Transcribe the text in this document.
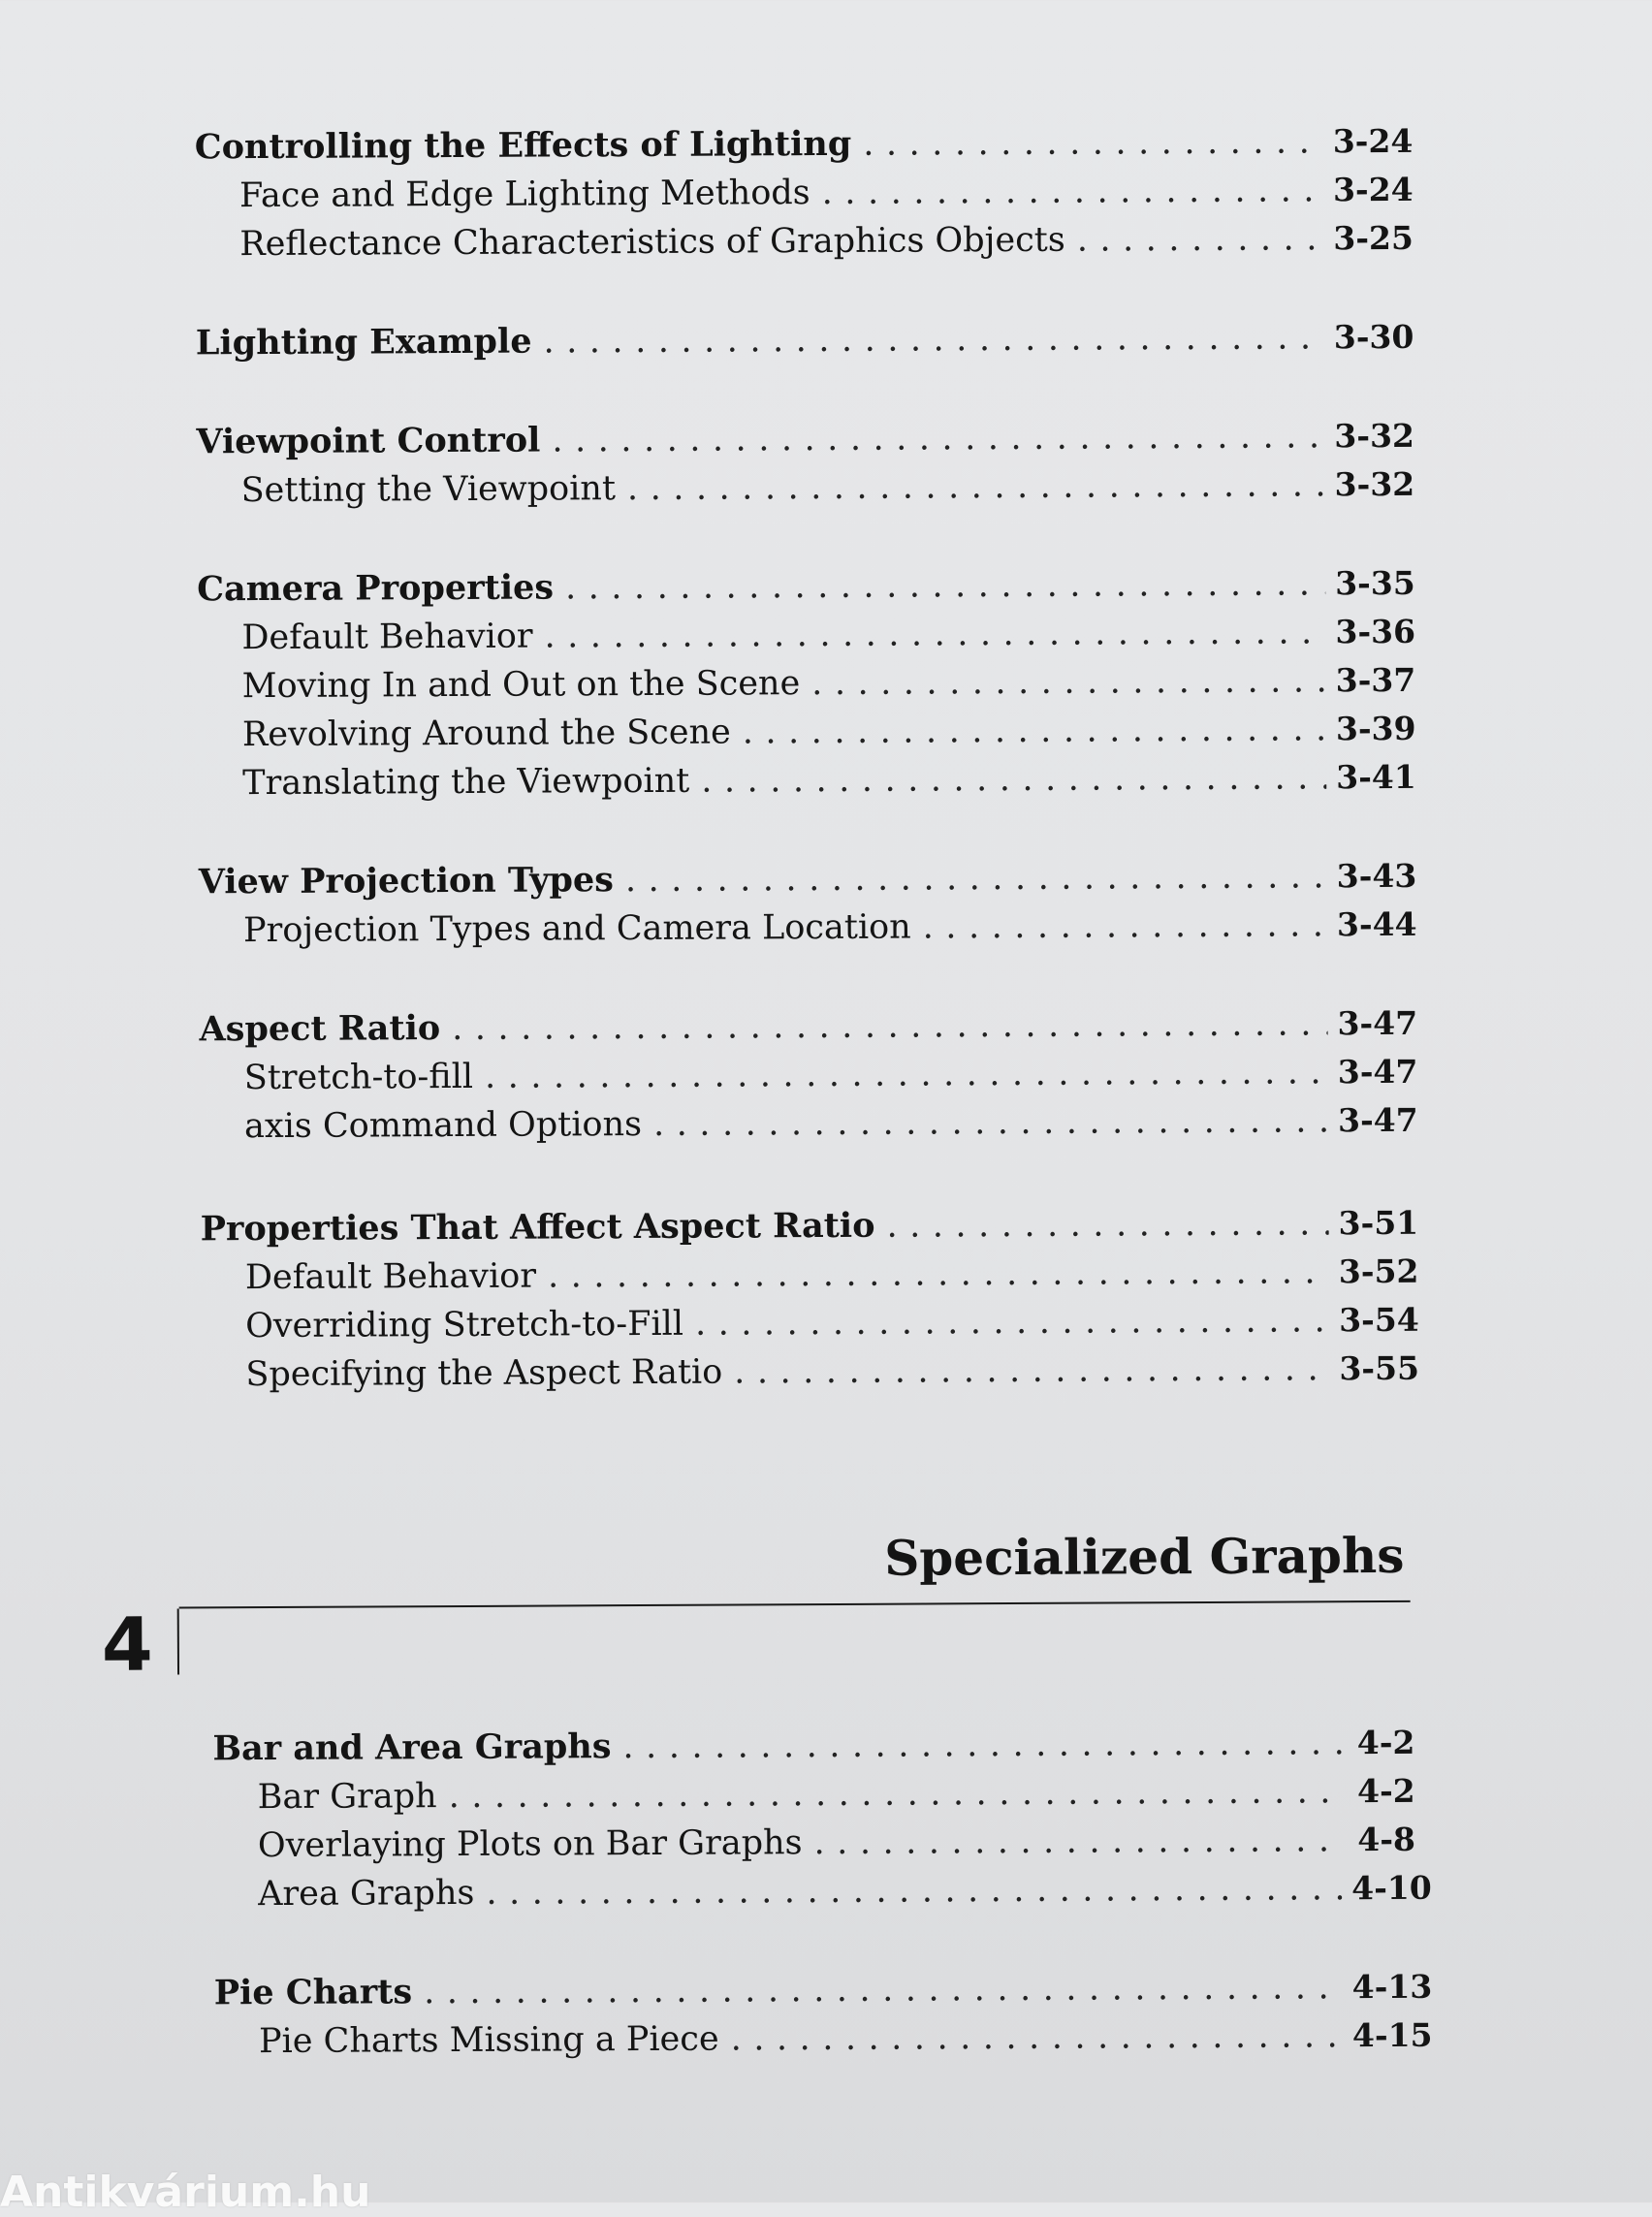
Controlling the Effects of Lighting . . .	3-24
Face and Edge Lighting Methods . . .	3-24
Reflectance Characteristics of Graphics Objects . . .	3-25
Lighting Example . . .	3-30
Viewpoint Control . . .	3-32
Setting the Viewpoint . . .	3-32
Camera Properties . . .	3-35
Default Behavior . . .	3-36
Moving In and Out on the Scene . . .	3-37
Revolving Around the Scene . . .	3-39
Translating the Viewpoint . . .	3-41
View Projection Types . . .	3-43
Projection Types and Camera Location . . .	3-44
Aspect Ratio . . .	3-47
Stretch-to-fill . . .	3-47
axis Command Options . . .	3-47
Properties That Affect Aspect Ratio . . .	3-51
Default Behavior . . .	3-52
Overriding Stretch-to-Fill . . .	3-54
Specifying the Aspect Ratio . . .	3-55
Specialized Graphs
4
Bar and Area Graphs . . .	4-2
Bar Graph . . .	4-2
Overlaying Plots on Bar Graphs . . .	4-8
Area Graphs . . .	4-10
Pie Charts . . .	4-13
Pie Charts Missing a Piece . . .	4-15
Antikvárium.hu
